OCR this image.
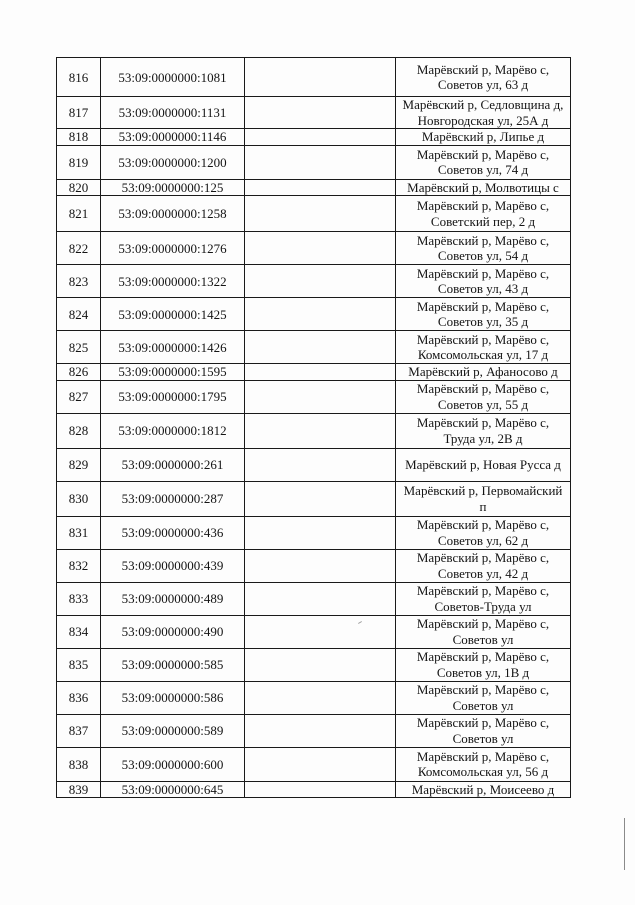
816	53:09:0000000:1081		Марёвский р, Марёво с,
Советов ул, 63 д

817	53:09:0000000:1131		Марёвский р, Седловщина д,
Новгородская ул, 25А д

818	53:09:0000000:1146		Марёвский р, Липье д

819	53:09:0000000:1200		Марёвский р, Марёво с,
Советов ул, 74 д

820	53:09:0000000:125		Марёвский р, Молвотицы с

821	53:09:0000000:1258		Марёвский р, Марёво с,
Советский пер, 2 д

822	53:09:0000000:1276		Марёвский р, Марёво с,
Советов ул, 54 д

823	53:09:0000000:1322		Марёвский р, Марёво с,
Советов ул, 43 д

824	53:09:0000000:1425		Марёвский р, Марёво с,
Советов ул, 35 д

825	53:09:0000000:1426		Марёвский р, Марёво с,
Комсомольская ул, 17 д

826	53:09:0000000:1595		Марёвский р, Афаносово д

827	53:09:0000000:1795		Марёвский р, Марёво с,
Советов ул, 55 д

828	53:09:0000000:1812		Марёвский р, Марёво с,
Труда ул, 2В д

829	53:09:0000000:261		Марёвский р, Новая Русса д

830	53:09:0000000:287		Марёвский р, Первомайский
п

831	53:09:0000000:436		Марёвский р, Марёво с,
Советов ул, 62 д

832	53:09:0000000:439		Марёвский р, Марёво с,
Советов ул, 42 д

833	53:09:0000000:489		Марёвский р, Марёво с,
Советов-Труда ул

834	53:09:0000000:490		Марёвский р, Марёво с,
Советов ул

835	53:09:0000000:585		Марёвский р, Марёво с,
Советов ул, 1В д

836	53:09:0000000:586		Марёвский р, Марёво с,
Советов ул

837	53:09:0000000:589		Марёвский р, Марёво с,
Советов ул

838	53:09:0000000:600		Марёвский р, Марёво с,
Комсомольская ул, 56 д

839	53:09:0000000:645		Марёвский р, Моисеево д
